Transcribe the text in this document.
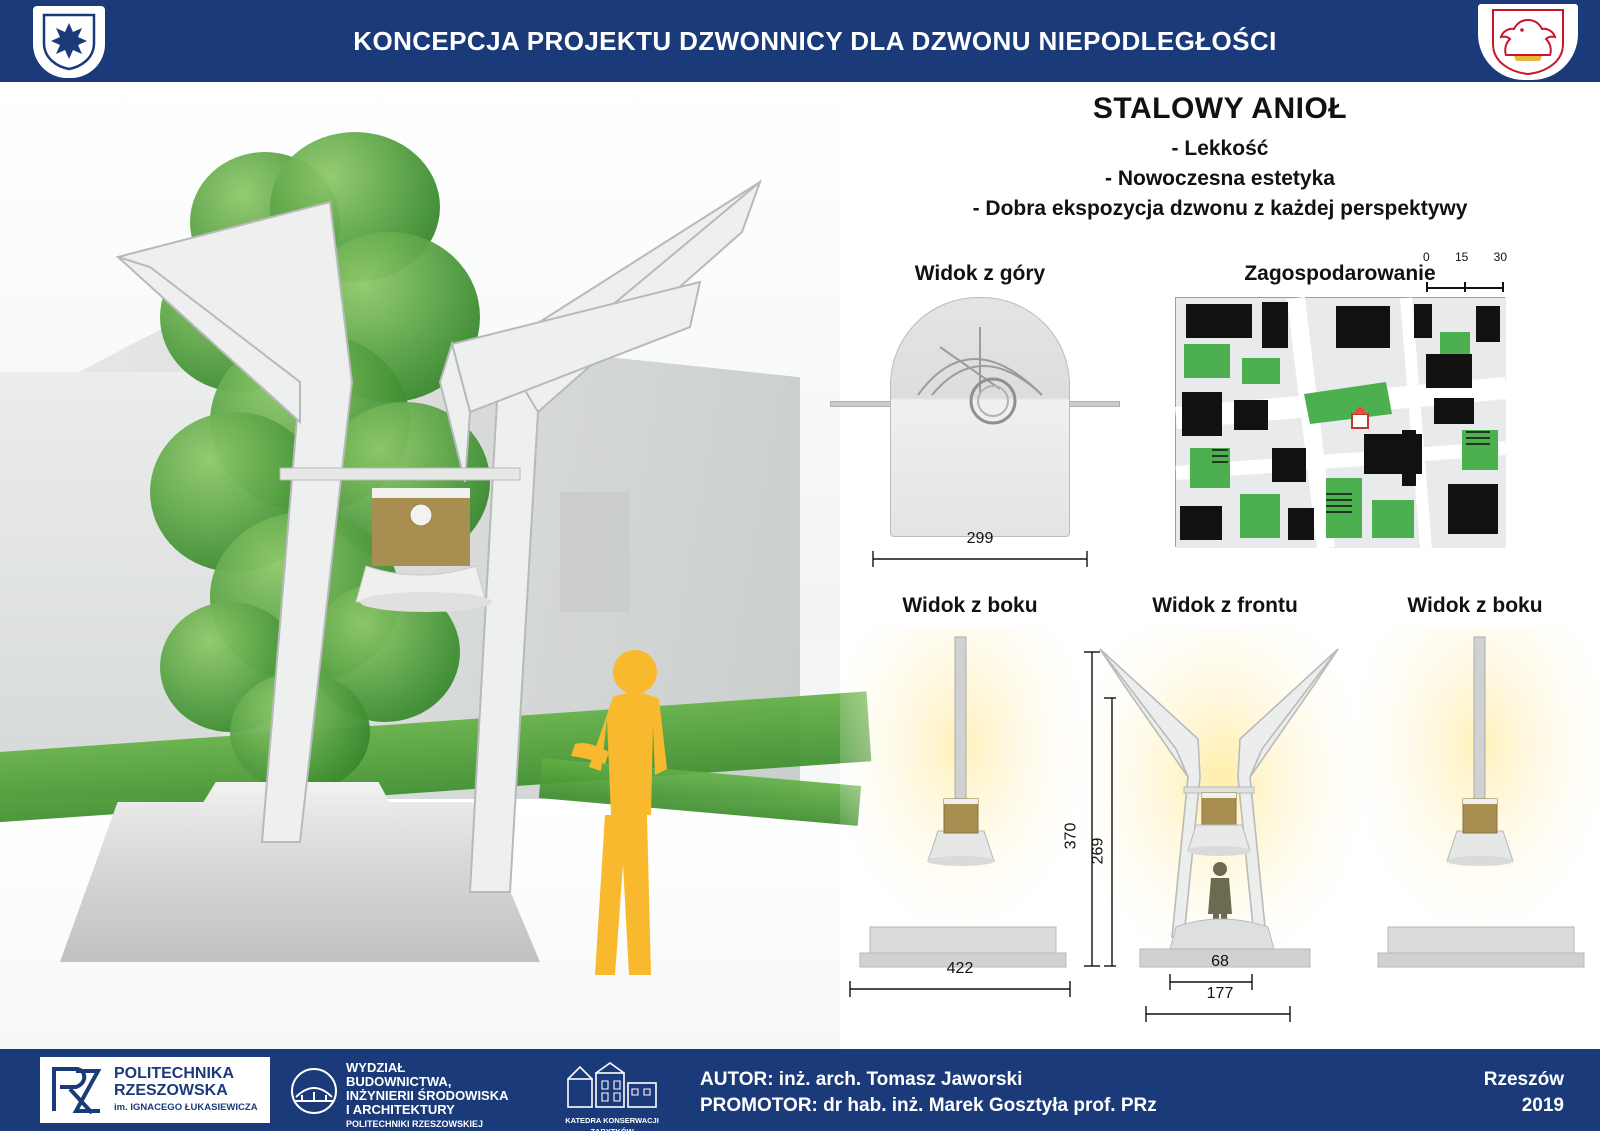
KONCEPCJA PROJEKTU DZWONNICY DLA DZWONU NIEPODLEGŁOŚCI
STALOWY ANIOŁ
- Lekkość
- Nowoczesna estetyka
- Dobra ekspozycja dzwonu z każdej perspektywy
Widok z góry	Zagospodarowanie
0 15 30
299
Widok z boku	Widok z frontu	Widok z boku
422
370
269
68
177
POLITECHNIKA
RZESZOWSKA
im. IGNACEGO ŁUKASIEWICZA
WYDZIAŁ
BUDOWNICTWA,
INŻYNIERII ŚRODOWISKA
I ARCHITEKTURY
POLITECHNIKI RZESZOWSKIEJ	KATEDRA KONSERWACJI
ZABYTKÓW
AUTOR: inż. arch. Tomasz Jaworski
PROMOTOR: dr hab. inż. Marek Gosztyła prof. PRz
Rzeszów
2019
